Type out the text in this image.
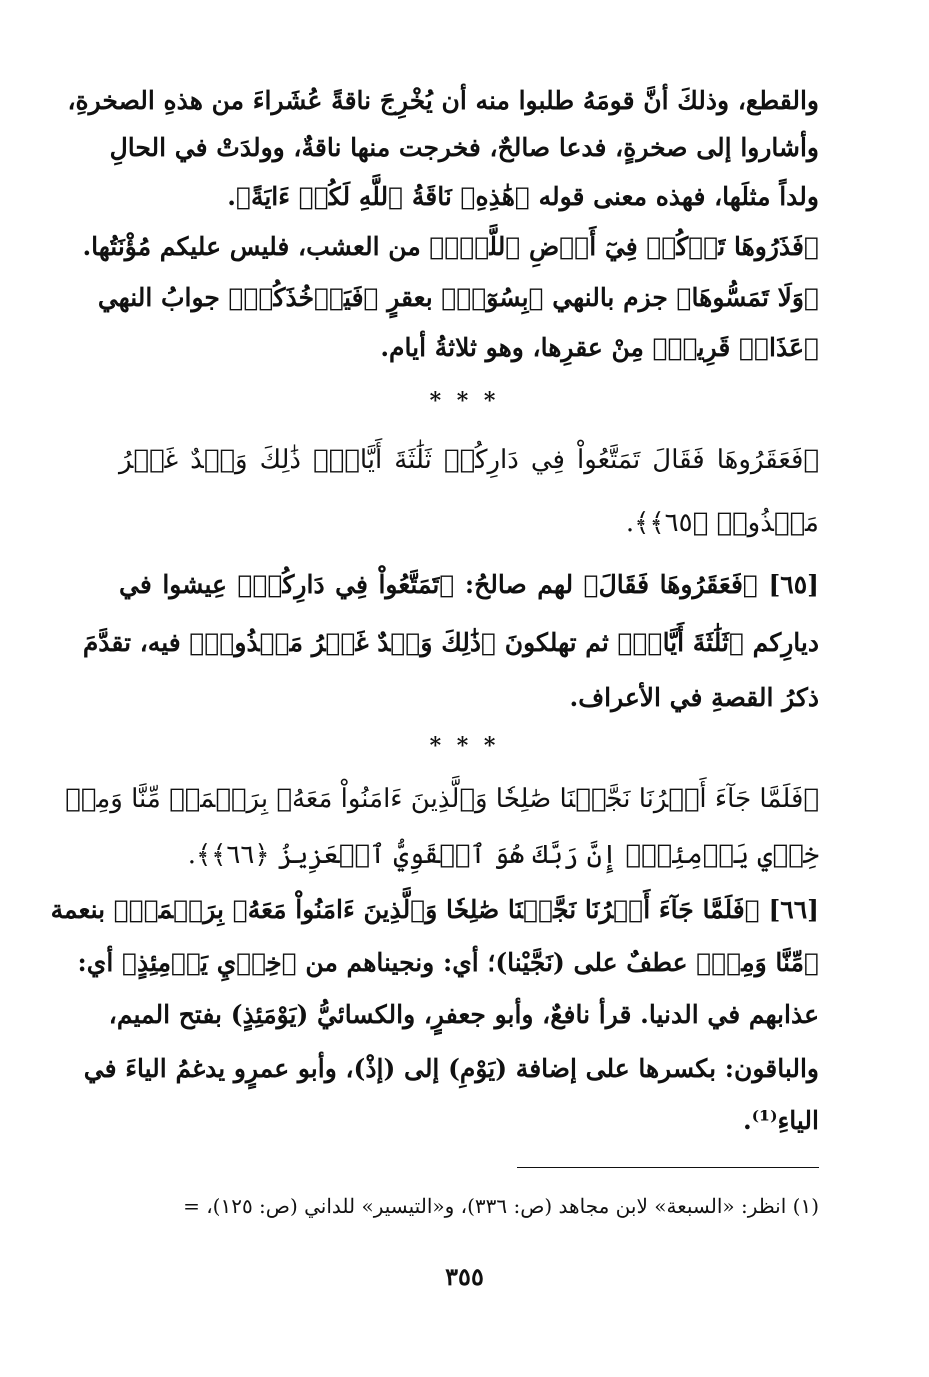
والقطع، وذلكَ أنَّ قومَهُ طلبوا منه أن يُخْرِجَ ناقةً عُشَراءَ من هذهِ الصخرةِ،
وأشاروا إلى صخرةٍ، فدعا صالحٌ، فخرجت منها ناقةٌ، وولدَتْ في الحالِ
ولداً مثلَها، فهذه معنى قوله ﴿هَٰذِهِۦ نَاقَةُ ٱللَّهِ لَكُمۡ ءَايَةً﴾.
﴿فَذَرُوهَا تَأۡكُلۡ فِيٓ أَرۡضِ ٱللَّهِۖ﴾ من العشب، فليس عليكم مُؤْنَتُها.
﴿وَلَا تَمَسُّوهَا﴾ جزم بالنهي ﴿بِسُوٓءٖ﴾ بعقرٍ ﴿فَيَأۡخُذَكُمۡ﴾ جوابُ النهي
﴿عَذَابٞ قَرِيبٞ﴾ مِنْ عقرِها، وهو ثلاثةُ أيام.
* * *
﴿فَعَقَرُوهَا فَقَالَ تَمَتَّعُواْ فِي دَارِكُمۡ ثَلَٰثَةَ أَيَّامٖۖ ذَٰلِكَ وَعۡدٌ غَيۡرُ
مَكۡذُوبٖ ﴿٦٥﴾﴾.
[٦٥] ﴿فَعَقَرُوهَا فَقَالَ﴾ لهم صالحُ: ﴿تَمَتَّعُواْ فِي دَارِكُمۡ﴾ عِيشوا في
ديارِكم ﴿ثَلَٰثَةَ أَيَّامٖ﴾ ثم تهلكونَ ﴿ذَٰلِكَ وَعۡدٌ غَيۡرُ مَكۡذُوبٖ﴾ فيه، تقدَّمَ
ذكرُ القصةِ في الأعراف.
* * *
﴿فَلَمَّا جَآءَ أَمۡرُنَا نَجَّيۡنَا صَٰلِحٗا وَٱلَّذِينَ ءَامَنُواْ مَعَهُۥ بِرَحۡمَةٖ مِّنَّا وَمِنۡ
خِزۡيِ يَوۡمِئِذٍۚ إِنَّ رَبَّكَ هُوَ ٱلۡقَوِيُّ ٱلۡعَزِيزُ ﴿٦٦﴾﴾.
[٦٦] ﴿فَلَمَّا جَآءَ أَمۡرُنَا نَجَّيۡنَا صَٰلِحٗا وَٱلَّذِينَ ءَامَنُواْ مَعَهُۥ بِرَحۡمَةٖ﴾ بنعمة
﴿مِّنَّا وَمِنۡ﴾ عطفٌ على (نَجَّيْنا)؛ أي: ونجيناهم من ﴿خِزۡيِ يَوۡمِئِذٍ﴾ أي:
عذابهم في الدنيا. قرأ نافعٌ، وأبو جعفرٍ، والكسائيُّ (يَوْمَئِذٍ) بفتح الميم،
والباقون: بكسرها على إضافة (يَوْمِ) إلى (إذْ)، وأبو عمرٍو يدغمُ الياءَ في
الياءِ⁽¹⁾.
(١) انظر: «السبعة» لابن مجاهد (ص: ٣٣٦)، و«التيسير» للداني (ص: ١٢٥)، =
٣٥٥
